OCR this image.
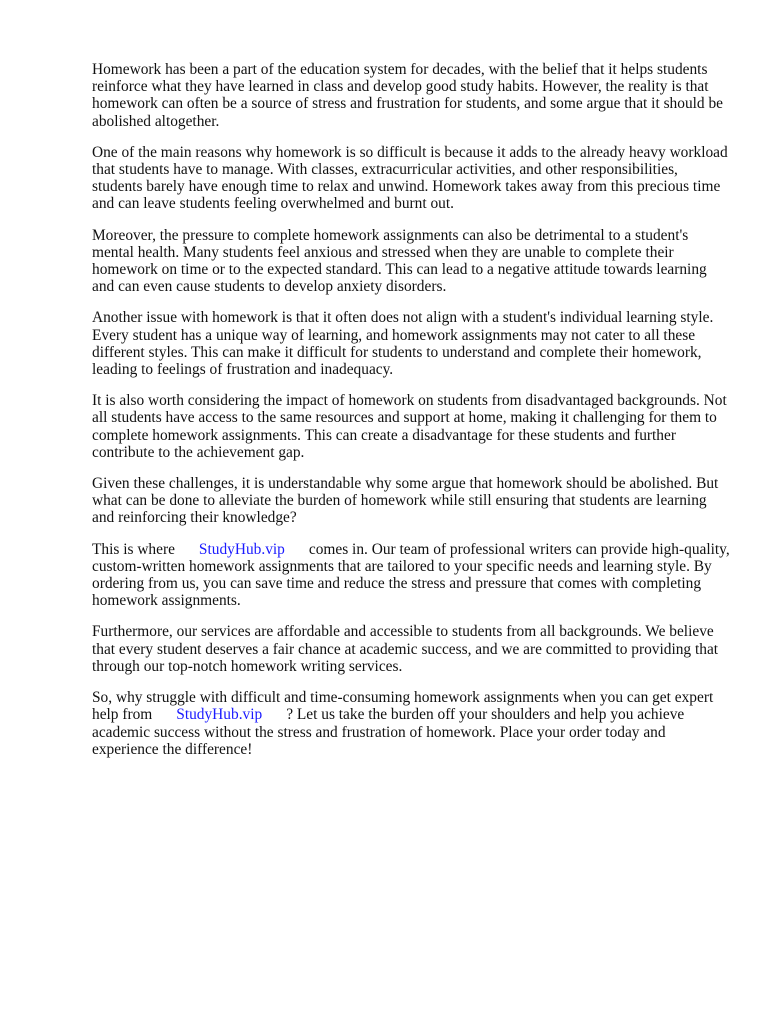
Homework has been a part of the education system for decades, with the belief that it helps students reinforce what they have learned in class and develop good study habits. However, the reality is that homework can often be a source of stress and frustration for students, and some argue that it should be abolished altogether.

One of the main reasons why homework is so difficult is because it adds to the already heavy workload that students have to manage. With classes, extracurricular activities, and other responsibilities, students barely have enough time to relax and unwind. Homework takes away from this precious time and can leave students feeling overwhelmed and burnt out.

Moreover, the pressure to complete homework assignments can also be detrimental to a student's mental health. Many students feel anxious and stressed when they are unable to complete their homework on time or to the expected standard. This can lead to a negative attitude towards learning and can even cause students to develop anxiety disorders.

Another issue with homework is that it often does not align with a student's individual learning style. Every student has a unique way of learning, and homework assignments may not cater to all these different styles. This can make it difficult for students to understand and complete their homework, leading to feelings of frustration and inadequacy.

It is also worth considering the impact of homework on students from disadvantaged backgrounds. Not all students have access to the same resources and support at home, making it challenging for them to complete homework assignments. This can create a disadvantage for these students and further contribute to the achievement gap.

Given these challenges, it is understandable why some argue that homework should be abolished. But what can be done to alleviate the burden of homework while still ensuring that students are learning and reinforcing their knowledge?

This is where StudyHub.vip comes in. Our team of professional writers can provide high-quality, custom-written homework assignments that are tailored to your specific needs and learning style. By ordering from us, you can save time and reduce the stress and pressure that comes with completing homework assignments.

Furthermore, our services are affordable and accessible to students from all backgrounds. We believe that every student deserves a fair chance at academic success, and we are committed to providing that through our top-notch homework writing services.

So, why struggle with difficult and time-consuming homework assignments when you can get expert help from StudyHub.vip ? Let us take the burden off your shoulders and help you achieve academic success without the stress and frustration of homework. Place your order today and experience the difference!
